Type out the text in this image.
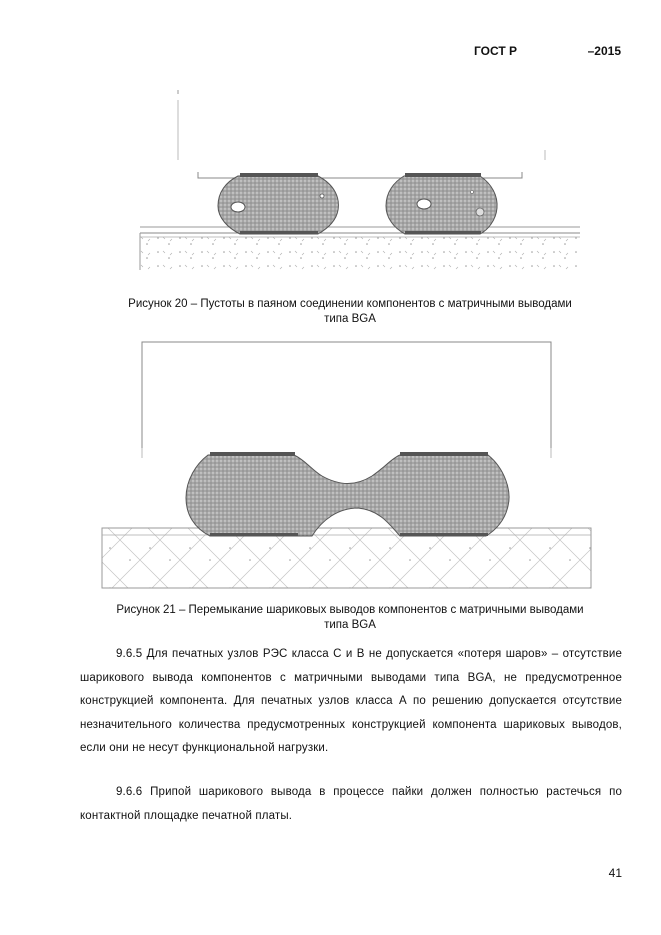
ГОСТ Р	–2015
Рисунок 20 – Пустоты в паяном соединении компонентов с матричными выводами
типа BGA
Рисунок 21 – Перемыкание шариковых выводов компонентов с матричными выводами
типа BGA
9.6.5 Для печатных узлов РЭС класса С и В не допускается «потеря шаров» – отсутствие шарикового вывода компонентов с матричными выводами типа BGA, не предусмотренное конструкцией компонента. Для печатных узлов класса А по решению допускается отсутствие незначительного количества предусмотренных конструкцией компонента шариковых выводов, если они не несут функциональной нагрузки.
9.6.6 Припой шарикового вывода в процессе пайки должен полностью растечься по контактной площадке печатной платы.
41
